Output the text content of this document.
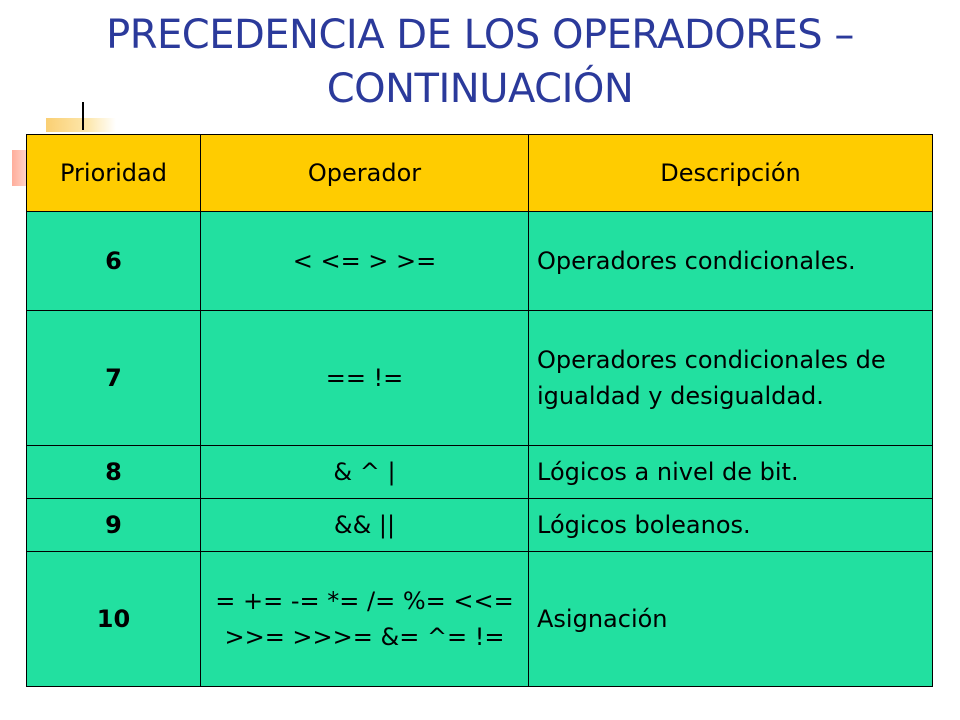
PRECEDENCIA DE LOS OPERADORES –
CONTINUACIÓN
Prioridad	Operador	Descripción
6	< <= > >=	Operadores condicionales.
7	== !=	Operadores condicionales de igualdad y desigualdad.
8	& ^ |	Lógicos a nivel de bit.
9	&& ||	Lógicos boleanos.
10	= += -= *= /= %= <<= >>= >>>= &= ^= !=	Asignación
